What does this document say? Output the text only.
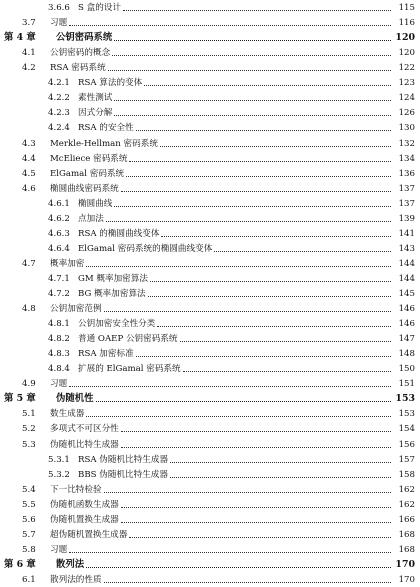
3.6.6 S 盒的设计	115
3.7	习题	116
第 4 章	公钥密码系统	120
4.1	公钥密码的概念	120
4.2	RSA 密码系统	122
4.2.1 RSA 算法的变体	123
4.2.2 素性测试	124
4.2.3 因式分解	126
4.2.4 RSA 的安全性	130
4.3	Merkle-Hellman 密码系统	132
4.4	McEliece 密码系统	134
4.5	ElGamal 密码系统	136
4.6	椭圆曲线密码系统	137
4.6.1 椭圆曲线	137
4.6.2 点加法	139
4.6.3 RSA 的椭圆曲线变体	141
4.6.4 ElGamal 密码系统的椭圆曲线变体	143
4.7	概率加密	144
4.7.1 GM 概率加密算法	144
4.7.2 BG 概率加密算法	145
4.8	公钥加密范例	146
4.8.1 公钥加密安全性分类	146
4.8.2 普通 OAEP 公钥密码系统	147
4.8.3 RSA 加密标准	148
4.8.4 扩展的 ElGamal 密码系统	150
4.9	习题	151
第 5 章	伪随机性	153
5.1	数生成器	153
5.2	多项式不可区分性	154
5.3	伪随机比特生成器	156
5.3.1 RSA 伪随机比特生成器	157
5.3.2 BBS 伪随机比特生成器	158
5.4	下一比特检验	162
5.5	伪随机函数生成器	162
5.6	伪随机置换生成器	166
5.7	超伪随机置换生成器	168
5.8	习题	168
第 6 章	散列法	170
6.1	散列法的性质	170
